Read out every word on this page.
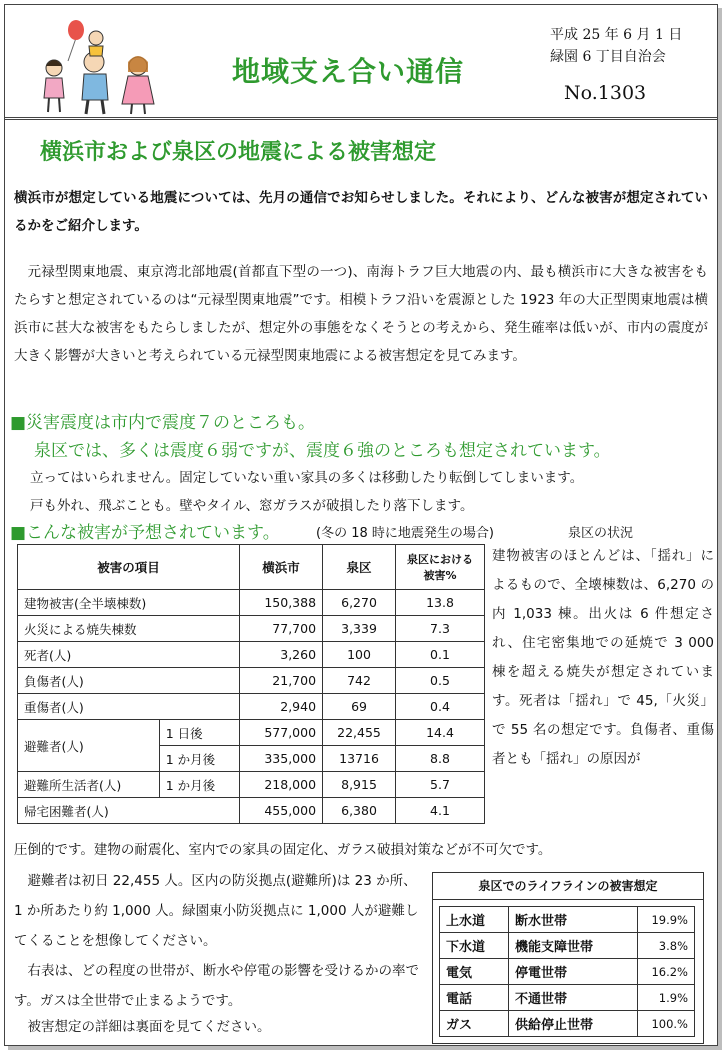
地域支え合い通信
平成 25 年 6 月 1 日
緑園 6 丁目自治会
No.1303
横浜市および泉区の地震による被害想定
横浜市が想定している地震については、先月の通信でお知らせしました。それにより、どんな被害が想定されているかをご紹介します。
元禄型関東地震、東京湾北部地震(首都直下型の一つ)、南海トラフ巨大地震の内、最も横浜市に大きな被害をもたらすと想定されているのは“元禄型関東地震”です。相模トラフ沿いを震源とした 1923 年の大正型関東地震は横浜市に甚大な被害をもたらしましたが、想定外の事態をなくそうとの考えから、発生確率は低いが、市内の震度が大きく影響が大きいと考えられている元禄型関東地震による被害想定を見てみます。
■災害震度は市内で震度７のところも。
泉区では、多くは震度６弱ですが、震度６強のところも想定されています。
立ってはいられません。固定していない重い家具の多くは移動したり転倒してしまいます。
戸も外れ、飛ぶことも。壁やタイル、窓ガラスが破損したり落下します。
■こんな被害が予想されています。	(冬の 18 時に地震発生の場合)	泉区の状況
被害の項目		横浜市	泉区	泉区における被害%
建物被害(全半壊棟数)		150,388	6,270	13.8
火災による焼失棟数		77,700	3,339	7.3
死者(人)		3,260	100	0.1
負傷者(人)		21,700	742	0.5
重傷者(人)		2,940	69	0.4
避難者(人)	1 日後	577,000	22,455	14.4
	1 か月後	335,000	13716	8.8
避難所生活者(人)	1 か月後	218,000	8,915	5.7
帰宅困難者(人)		455,000	6,380	4.1
建物被害のほとんどは、「揺れ」によるもので、全壊棟数は、6,270 の内 1,033 棟。出火は 6 件想定され、住宅密集地での延焼で 3 000 棟を超える焼失が想定されています。死者は「揺れ」で 45,「火災」で 55 名の想定です。負傷者、重傷者とも「揺れ」の原因が
圧倒的です。建物の耐震化、室内での家具の固定化、ガラス破損対策などが不可欠です。
避難者は初日 22,455 人。区内の防災拠点(避難所)は 23 か所、1 か所あたり約 1,000 人。緑園東小防災拠点に 1,000 人が避難してくることを想像してください。
右表は、どの程度の世帯が、断水や停電の影響を受けるかの率です。ガスは全世帯で止まるようです。
被害想定の詳細は裏面を見てください。
泉区でのライフラインの被害想定
上水道	断水世帯	19.9%
下水道	機能支障世帯	3.8%
電気	停電世帯	16.2%
電話	不通世帯	1.9%
ガス	供給停止世帯	100.%
